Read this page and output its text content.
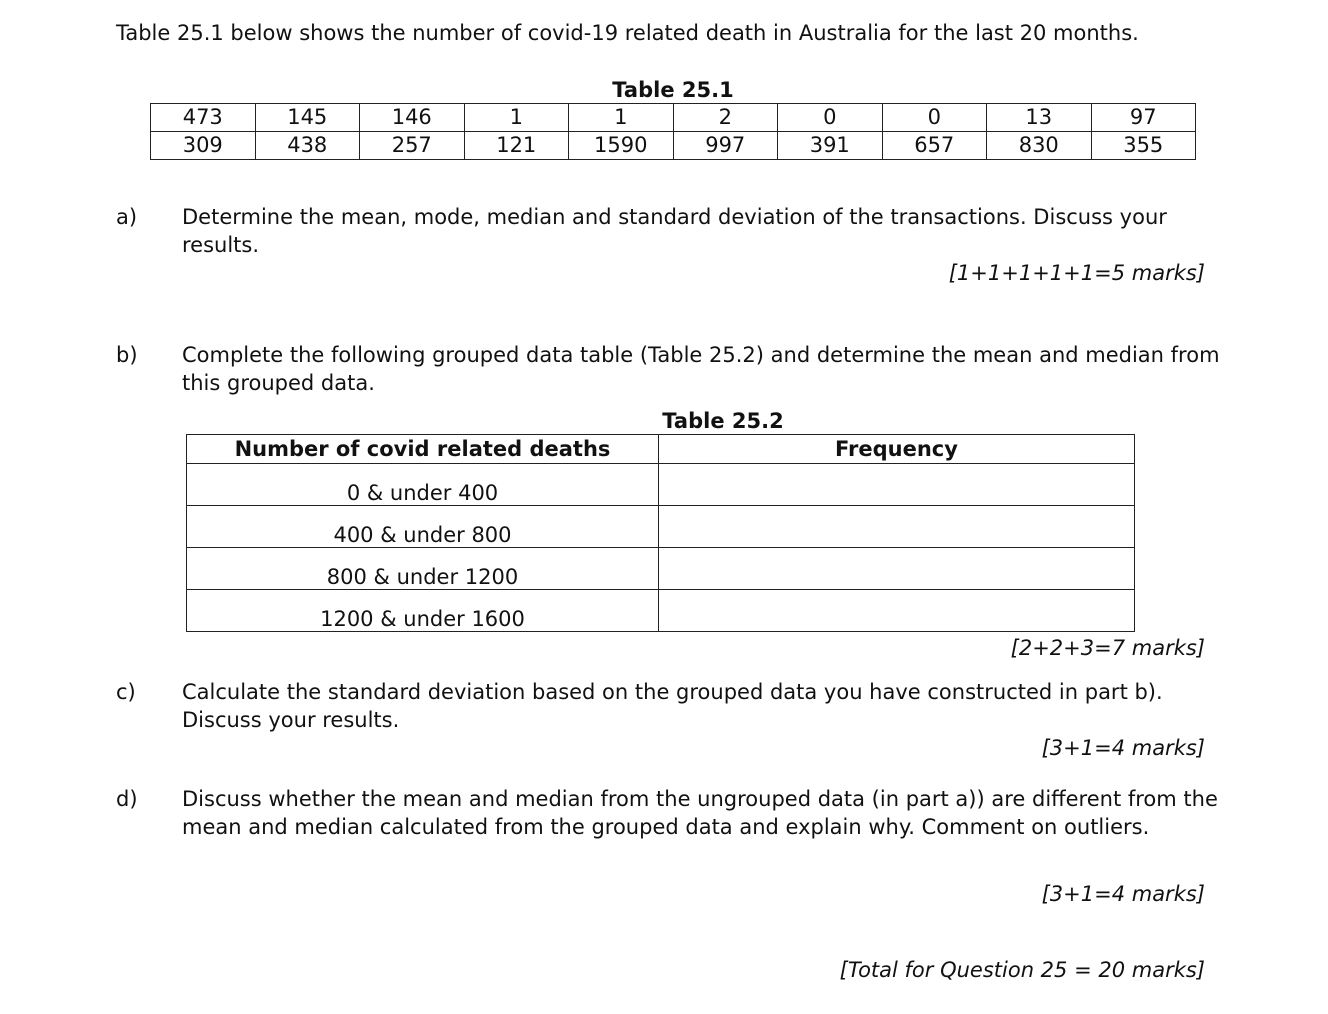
Table 25.1 below shows the number of covid-19 related death in Australia for the last 20 months.
Table 25.1
473	145	146	1	1	2	0	0	13	97
309	438	257	121	1590	997	391	657	830	355
a)	Determine the mean, mode, median and standard deviation of the transactions. Discuss your results.
[1+1+1+1+1=5 marks]
b)	Complete the following grouped data table (Table 25.2) and determine the mean and median from this grouped data.
Table 25.2
Number of covid related deaths	Frequency
0 & under 400	
400 & under 800	
800 & under 1200	
1200 & under 1600	
[2+2+3=7 marks]
c)	Calculate the standard deviation based on the grouped data you have constructed in part b). Discuss your results.
[3+1=4 marks]
d)	Discuss whether the mean and median from the ungrouped data (in part a)) are different from the mean and median calculated from the grouped data and explain why. Comment on outliers.
[3+1=4 marks]
[Total for Question 25 = 20 marks]
